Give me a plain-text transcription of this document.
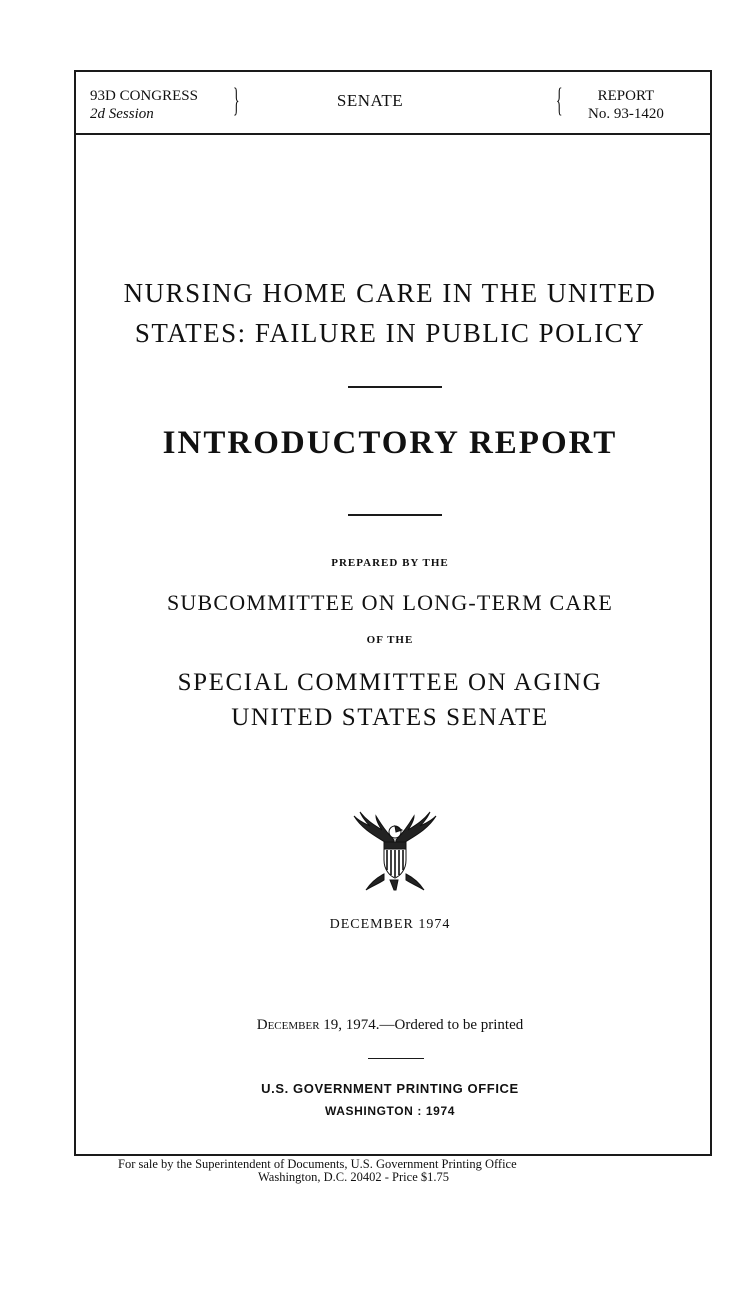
93D CONGRESS
2d Session	}	SENATE	{	REPORT
No. 93-1420
NURSING HOME CARE IN THE UNITED
STATES: FAILURE IN PUBLIC POLICY
INTRODUCTORY REPORT
PREPARED BY THE
SUBCOMMITTEE ON LONG-TERM CARE
OF THE
SPECIAL COMMITTEE ON AGING
UNITED STATES SENATE
DECEMBER 1974
December 19, 1974.—Ordered to be printed
U.S. GOVERNMENT PRINTING OFFICE
WASHINGTON : 1974
For sale by the Superintendent of Documents, U.S. Government Printing Office
Washington, D.C. 20402 - Price $1.75
